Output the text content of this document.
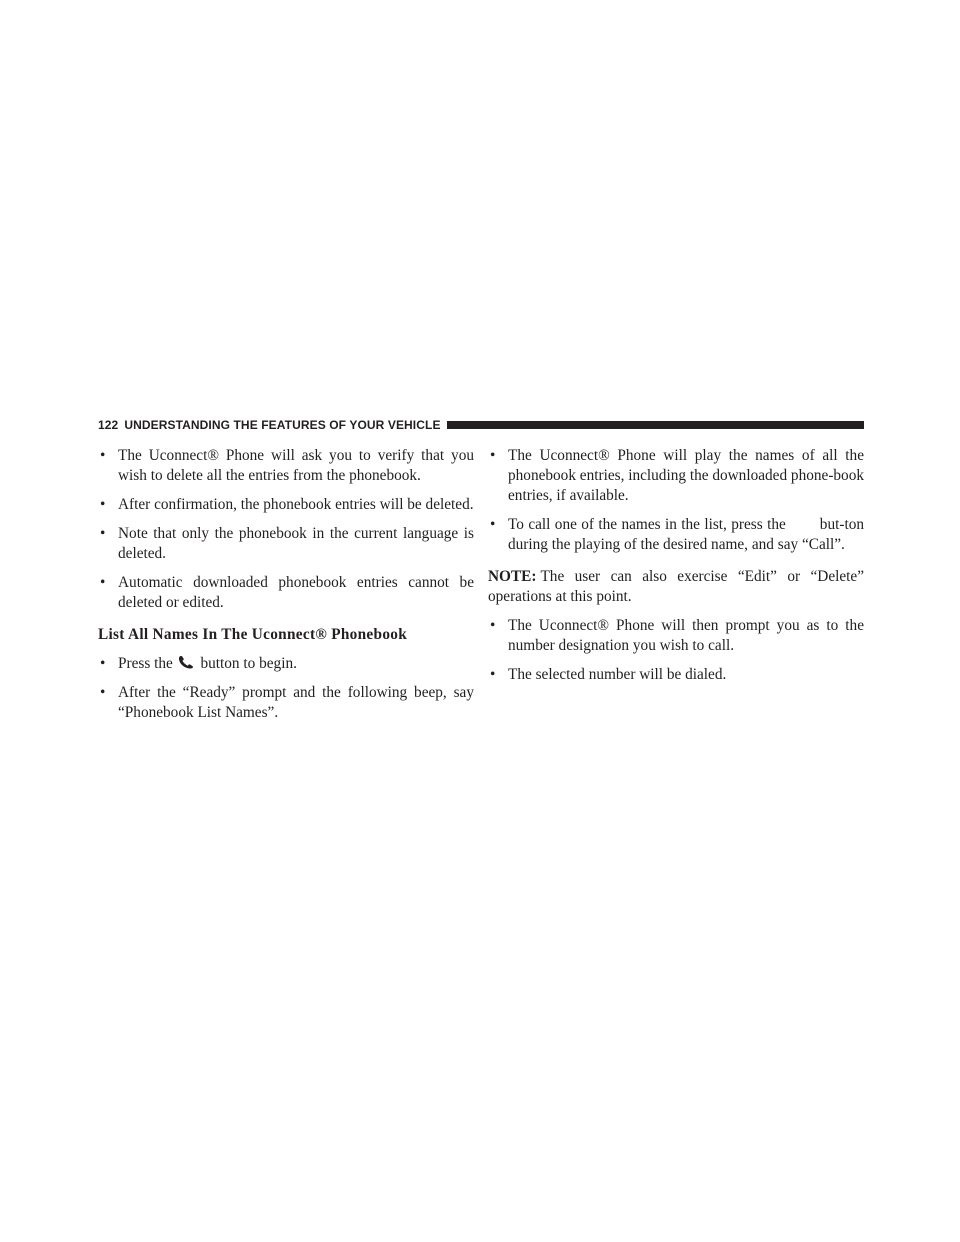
122 UNDERSTANDING THE FEATURES OF YOUR VEHICLE
• The Uconnect® Phone will ask you to verify that you wish to delete all the entries from the phonebook.
• After confirmation, the phonebook entries will be deleted.
• Note that only the phonebook in the current language is deleted.
• Automatic downloaded phonebook entries cannot be deleted or edited.
List All Names In The Uconnect® Phonebook
• Press the button to begin.
• After the “Ready” prompt and the following beep, say “Phonebook List Names”.
• The Uconnect® Phone will play the names of all the phonebook entries, including the downloaded phone-book entries, if available.
• To call one of the names in the list, press the but-ton during the playing of the desired name, and say “Call”.
NOTE: The user can also exercise “Edit” or “Delete” operations at this point.
• The Uconnect® Phone will then prompt you as to the number designation you wish to call.
• The selected number will be dialed.
